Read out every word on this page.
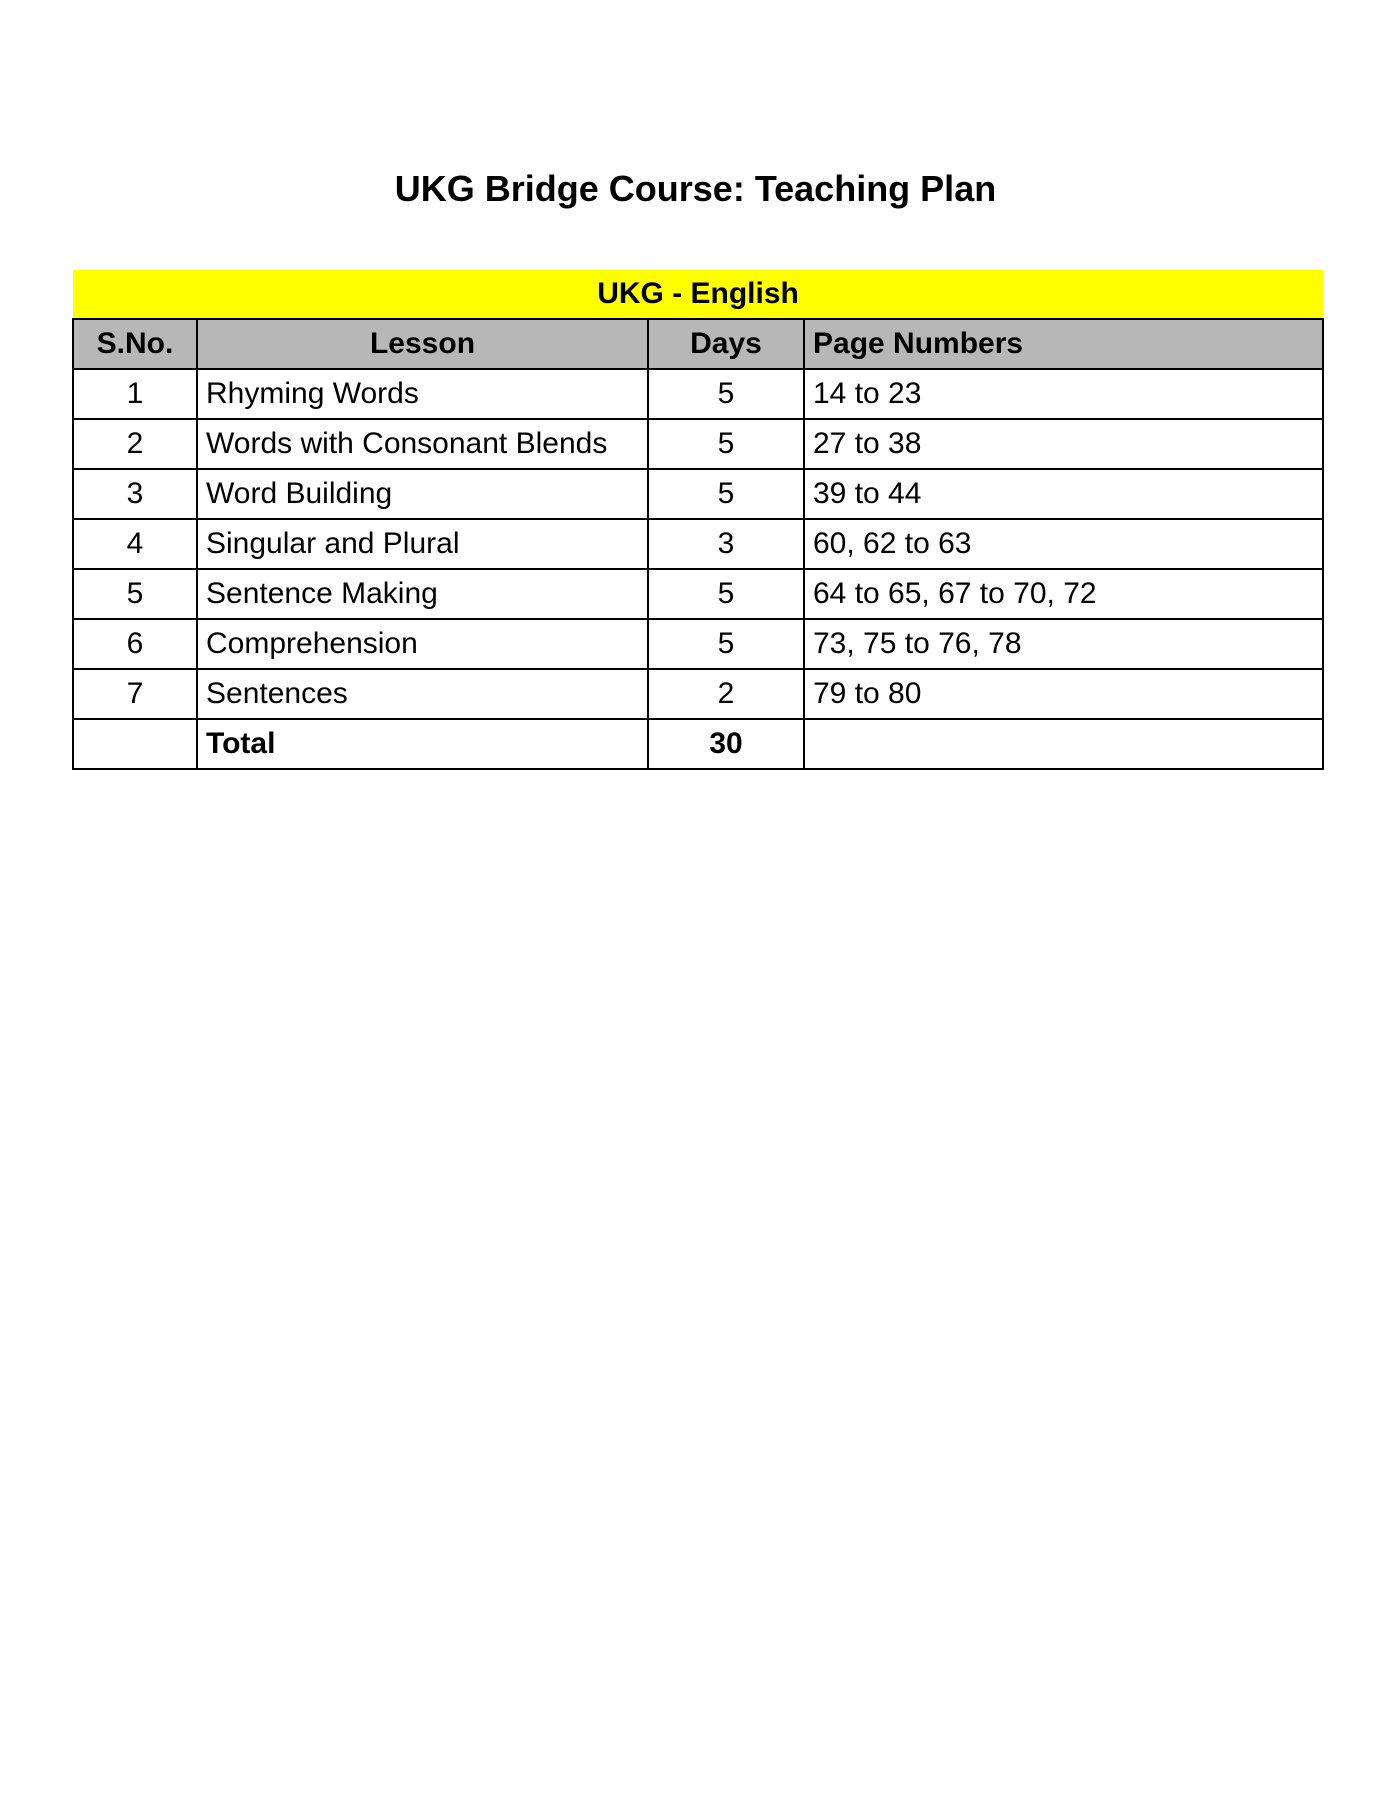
UKG Bridge Course: Teaching Plan
UKG - English			
S.No.	Lesson	Days	Page Numbers
1	Rhyming Words	5	14 to 23
2	Words with Consonant Blends	5	27 to 38
3	Word Building	5	39 to 44
4	Singular and Plural	3	60, 62 to 63
5	Sentence Making	5	64 to 65, 67 to 70, 72
6	Comprehension	5	73, 75 to 76, 78
7	Sentences	2	79 to 80
	Total	30	
